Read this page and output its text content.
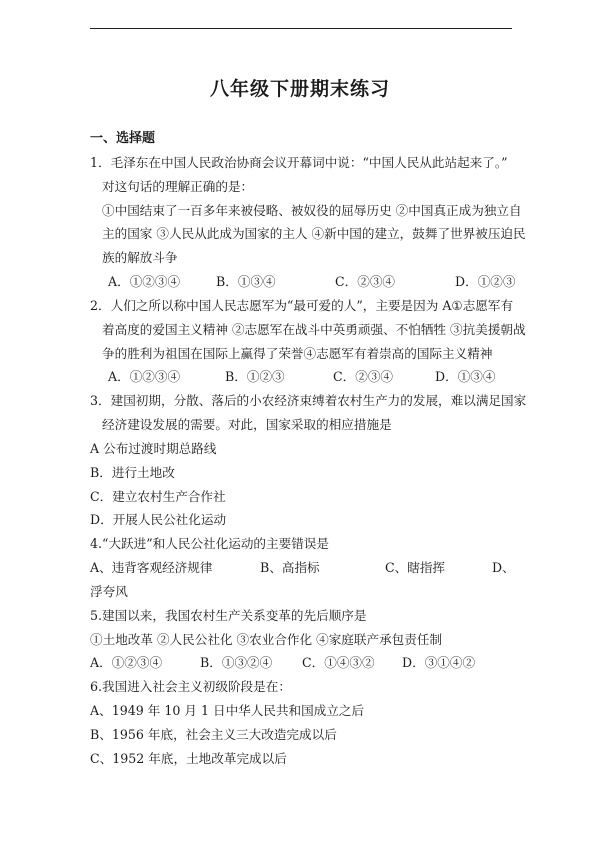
八年级下册期末练习
一、选择题
1．毛泽东在中国人民政治协商会议开幕词中说：“中国人民从此站起来了。”
对这句话的理解正确的是：
①中国结束了一百多年来被侵略、被奴役的屈辱历史 ②中国真正成为独立自
主的国家 ③人民从此成为国家的主人 ④新中国的建立，鼓舞了世界被压迫民
族的解放斗争
A．①②③④	B．①③④	C．②③④	D．①②③
2．人们之所以称中国人民志愿军为“最可爱的人”，主要是因为 A①志愿军有
着高度的爱国主义精神 ②志愿军在战斗中英勇顽强、不怕牺牲 ③抗美援朝战
争的胜利为祖国在国际上赢得了荣誉④志愿军有着崇高的国际主义精神
A．①②③④	B．①②③	C．②③④	D．①③④
3．建国初期，分散、落后的小农经济束缚着农村生产力的发展，难以满足国家
经济建设发展的需要。对此，国家采取的相应措施是
A 公布过渡时期总路线
B．进行土地改
C．建立农村生产合作社
D．开展人民公社化运动
4.“大跃进”和人民公社化运动的主要错误是
A、违背客观经济规律	B、高指标	C、瞎指挥	D、
浮夸风
5.建国以来，我国农村生产关系变革的先后顺序是
①土地改革 ②人民公社化 ③农业合作化 ④家庭联产承包责任制
A．①②③④	B．①③②④ C．①④③② D．③①④②
6.我国进入社会主义初级阶段是在：
A、1949 年 10 月 1 日中华人民共和国成立之后
B、1956 年底，社会主义三大改造完成以后
C、1952 年底，土地改革完成以后
